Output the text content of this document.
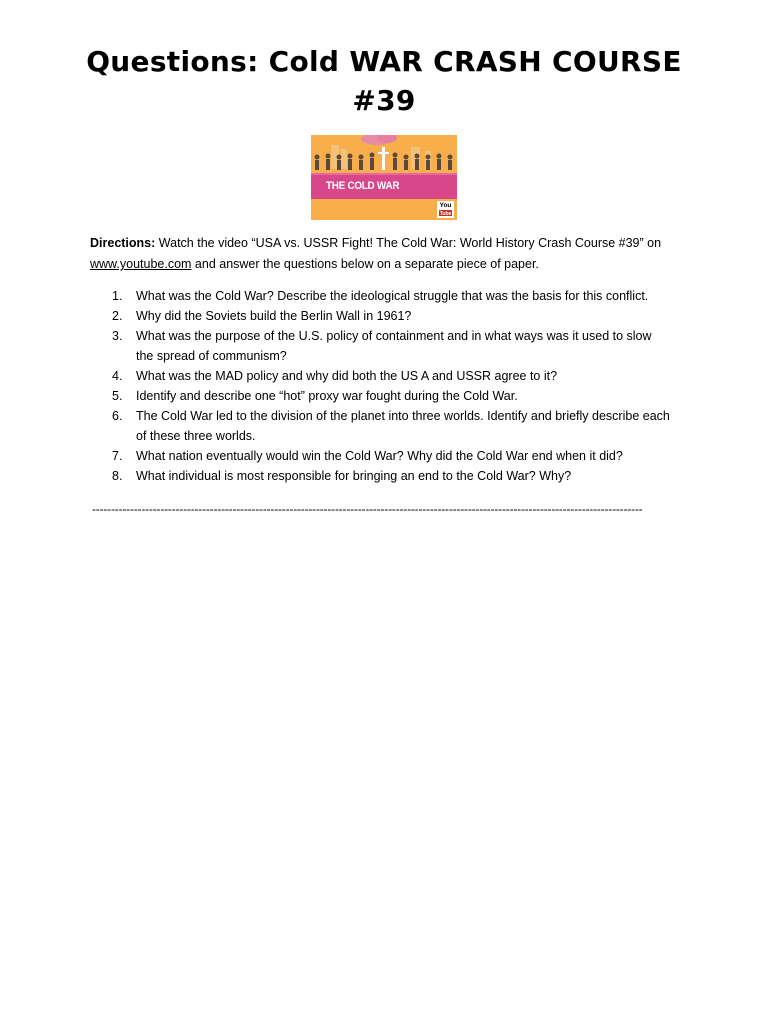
Questions: Cold WAR CRASH COURSE #39
THE COLD WAR
You
Tube

Directions: Watch the video “USA vs. USSR Fight! The Cold War: World History Crash Course #39” on www.youtube.com and answer the questions below on a separate piece of paper.

1. What was the Cold War? Describe the ideological struggle that was the basis for this conflict.
2. Why did the Soviets build the Berlin Wall in 1961?
3. What was the purpose of the U.S. policy of containment and in what ways was it used to slow the spread of communism?
4. What was the MAD policy and why did both the US A and USSR agree to it?
5. Identify and describe one “hot” proxy war fought during the Cold War.
6. The Cold War led to the division of the planet into three worlds. Identify and briefly describe each of these three worlds.
7. What nation eventually would win the Cold War? Why did the Cold War end when it did?
8. What individual is most responsible for bringing an end to the Cold War? Why?
-------------------------------------------------------------------------------------------------------------------------------------------------
